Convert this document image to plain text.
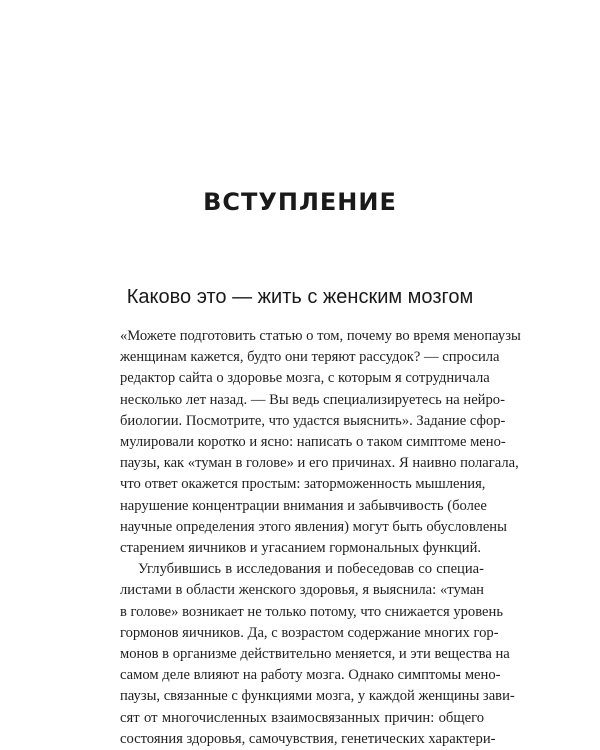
ВСТУПЛЕНИЕ
Каково это — жить с женским мозгом
«Можете подготовить статью о том, почему во время менопаузы
женщинам кажется, будто они теряют рассудок? — спросила
редактор сайта о здоровье мозга, с которым я сотрудничала
несколько лет назад. — Вы ведь специализируетесь на нейро-
биологии. Посмотрите, что удастся выяснить». Задание сфор-
мулировали коротко и ясно: написать о таком симптоме мено-
паузы, как «туман в голове» и его причинах. Я наивно полагала,
что ответ окажется простым: заторможенность мышления,
нарушение концентрации внимания и забывчивость (более
научные определения этого явления) могут быть обусловлены
старением яичников и угасанием гормональных функций.
Углубившись в исследования и побеседовав со специа-
листами в области женского здоровья, я выяснила: «туман
в голове» возникает не только потому, что снижается уровень
гормонов яичников. Да, с возрастом содержание многих гор-
монов в организме действительно меняется, и эти вещества на
самом деле влияют на работу мозга. Однако симптомы мено-
паузы, связанные с функциями мозга, у каждой женщины зави-
сят от многочисленных взаимосвязанных причин: общего
состояния здоровья, самочувствия, генетических характери-
